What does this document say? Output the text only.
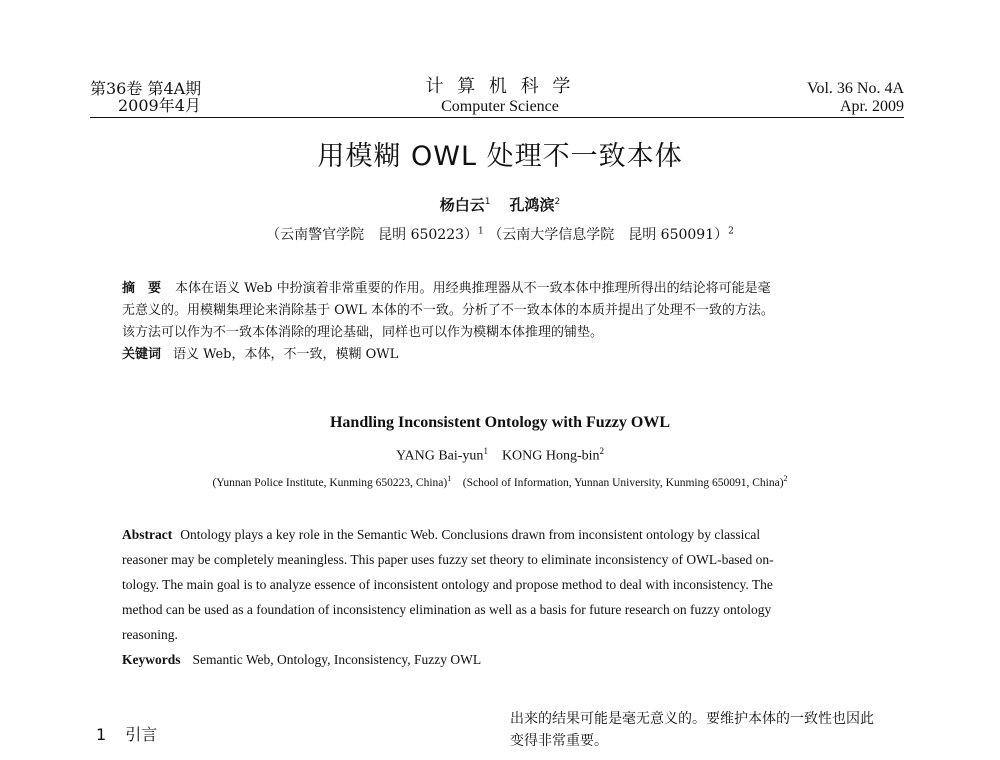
第36卷 第4A期
2009年4月
计 算 机 科 学
Computer Science
Vol. 36 No. 4A
Apr. 2009
用模糊 OWL 处理不一致本体
杨白云$^1$ 孔鸿滨$^2$
（云南警官学院　昆明 650223）$^1$ （云南大学信息学院　昆明 650091）$^2$
摘　要 本体在语义 Web 中扮演着非常重要的作用。用经典推理器从不一致本体中推理所得出的结论将可能是毫
无意义的。用模糊集理论来消除基于 OWL 本体的不一致。分析了不一致本体的本质并提出了处理不一致的方法。
该方法可以作为不一致本体消除的理论基础，同样也可以作为模糊本体推理的铺垫。
关键词 语义 Web，本体，不一致，模糊 OWL
Handling Inconsistent Ontology with Fuzzy OWL
YANG Bai-yun$^1$ KONG Hong-bin$^2$
(Yunnan Police Institute, Kunming 650223, China)$^1$ (School of Information, Yunnan University, Kunming 650091, China)$^2$
Abstract Ontology plays a key role in the Semantic Web. Conclusions drawn from inconsistent ontology by classical
reasoner may be completely meaningless. This paper uses fuzzy set theory to eliminate inconsistency of OWL-based on-
tology. The main goal is to analyze essence of inconsistent ontology and propose method to deal with inconsistency. The
method can be used as a foundation of inconsistency elimination as well as a basis for future research on fuzzy ontology
reasoning.
Keywords Semantic Web, Ontology, Inconsistency, Fuzzy OWL
1 引言
出来的结果可能是毫无意义的。要维护本体的一致性也因此
变得非常重要。
